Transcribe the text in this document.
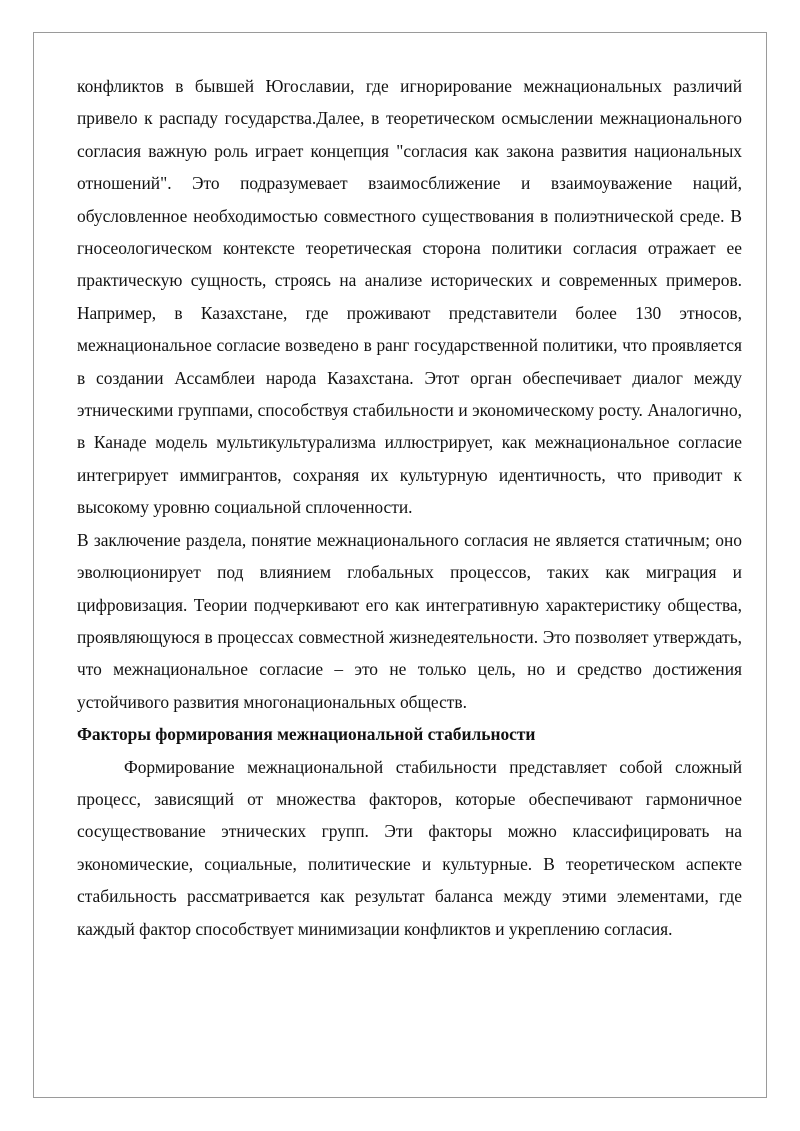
конфликтов в бывшей Югославии, где игнорирование межнациональных различий привело к распаду государства.Далее, в теоретическом осмыслении межнационального согласия важную роль играет концепция "согласия как закона развития национальных отношений". Это подразумевает взаимосближение и взаимоуважение наций, обусловленное необходимостью совместного существования в полиэтнической среде. В гносеологическом контексте теоретическая сторона политики согласия отражает ее практическую сущность, строясь на анализе исторических и современных примеров. Например, в Казахстане, где проживают представители более 130 этносов, межнациональное согласие возведено в ранг государственной политики, что проявляется в создании Ассамблеи народа Казахстана. Этот орган обеспечивает диалог между этническими группами, способствуя стабильности и экономическому росту. Аналогично, в Канаде модель мультикультурализма иллюстрирует, как межнациональное согласие интегрирует иммигрантов, сохраняя их культурную идентичность, что приводит к высокому уровню социальной сплоченности.

В заключение раздела, понятие межнационального согласия не является статичным; оно эволюционирует под влиянием глобальных процессов, таких как миграция и цифровизация. Теории подчеркивают его как интегративную характеристику общества, проявляющуюся в процессах совместной жизнедеятельности. Это позволяет утверждать, что межнациональное согласие – это не только цель, но и средство достижения устойчивого развития многонациональных обществ.

Факторы формирования межнациональной стабильности

Формирование межнациональной стабильности представляет собой сложный процесс, зависящий от множества факторов, которые обеспечивают гармоничное сосуществование этнических групп. Эти факторы можно классифицировать на экономические, социальные, политические и культурные. В теоретическом аспекте стабильность рассматривается как результат баланса между этими элементами, где каждый фактор способствует минимизации конфликтов и укреплению согласия.
